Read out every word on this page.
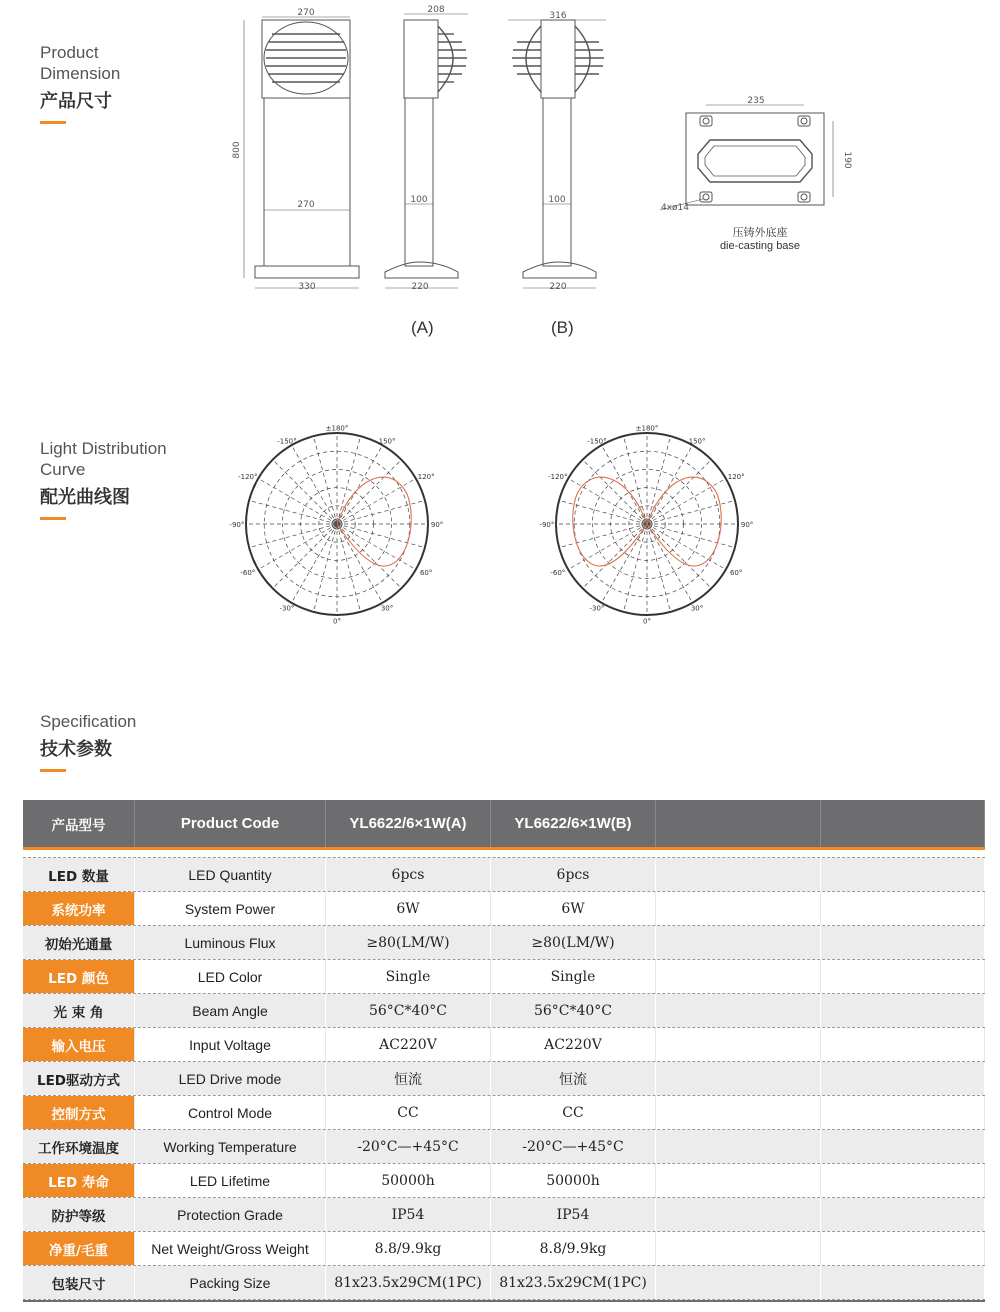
Product
Dimension
产品尺寸
270
270
800
330
208
100
220
316
100
220
(A)	(B)
235
190
4xø14
压铸外底座
die-casting base
Light Distribution
Curve
配光曲线图
±180°
-150°	150°
-120°	120°
-90°	90°
-60°	60°
-30°	30°
0°
±180°
-150°	150°
-120°	120°
-90°	90°
-60°	60°
-30°	30°
0°
Specification
技术参数
产品型号	Product Code	YL6622/6×1W(A)	YL6622/6×1W(B)
LED 数量	LED Quantity	6pcs	6pcs
系统功率	System Power	6W	6W
初始光通量	Luminous Flux	≥80(LM/W)	≥80(LM/W)
LED 颜色	LED Color	Single	Single
光 束 角	Beam Angle	56°C*40°C	56°C*40°C
输入电压	Input Voltage	AC220V	AC220V
LED驱动方式	LED Drive mode	恒流	恒流
控制方式	Control Mode	CC	CC
工作环境温度	Working Temperature	-20°C—+45°C	-20°C—+45°C
LED 寿命	LED Lifetime	50000h	50000h
防护等级	Protection Grade	IP54	IP54
净重/毛重	Net Weight/Gross Weight	8.8/9.9kg	8.8/9.9kg
包装尺寸	Packing Size	81x23.5x29CM(1PC)	81x23.5x29CM(1PC)
